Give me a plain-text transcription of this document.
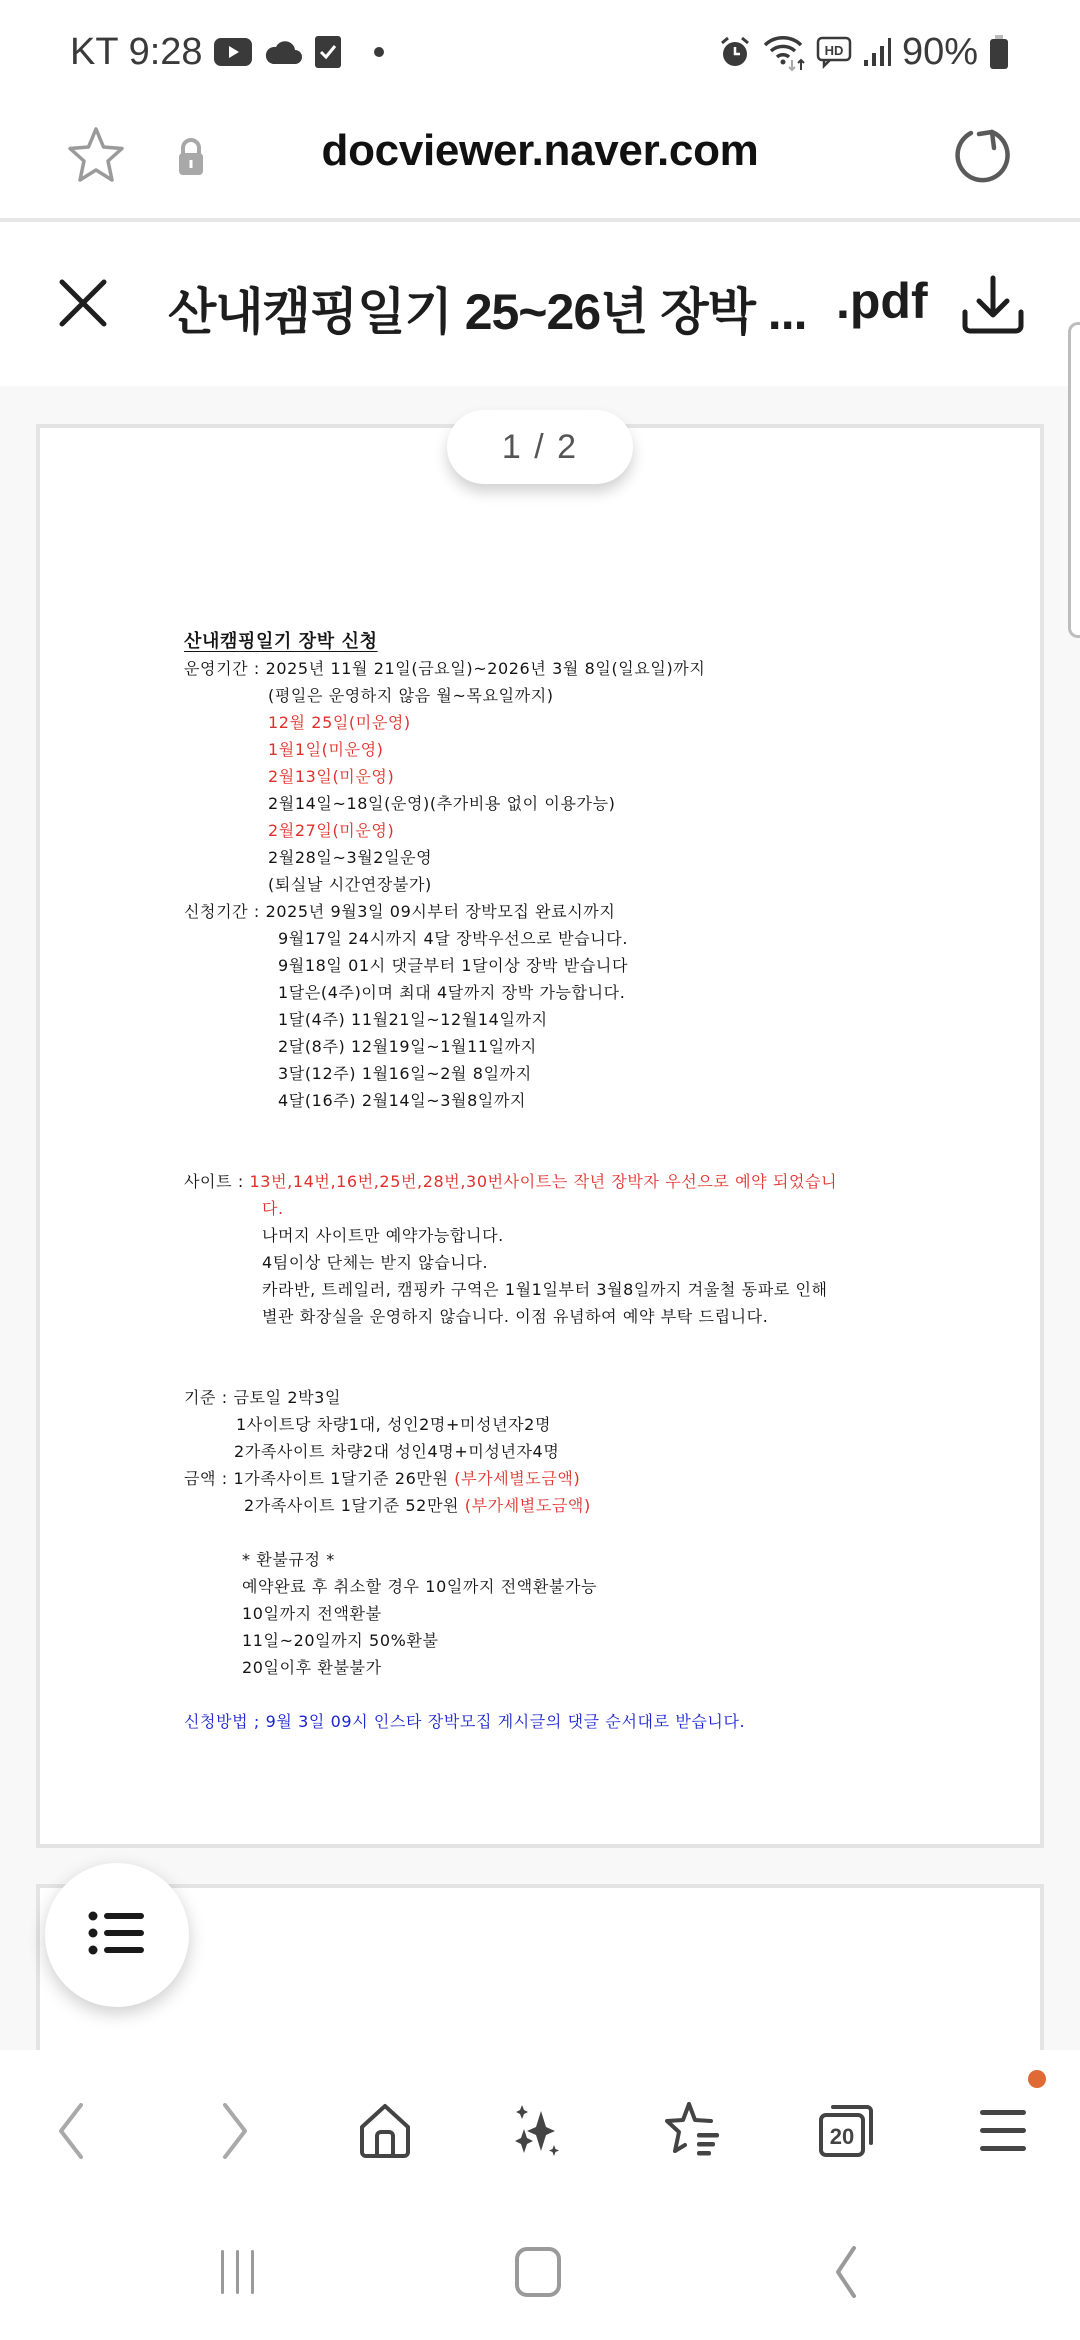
KT 9:28	HD 90%
docviewer.naver.com
산내캠핑일기 25~26년 장박 ... .pdf
산내캠핑일기 장박 신청
운영기간 : 2025년 11월 21일(금요일)~2026년 3월 8일(일요일)까지
(평일은 운영하지 않음 월~목요일까지)
12월 25일(미운영)
1월1일(미운영)
2월13일(미운영)
2월14일~18일(운영)(추가비용 없이 이용가능)
2월27일(미운영)
2월28일~3월2일운영
(퇴실날 시간연장불가)
신청기간 : 2025년 9월3일 09시부터 장박모집 완료시까지
9월17일 24시까지 4달 장박우선으로 받습니다.
9월18일 01시 댓글부터 1달이상 장박 받습니다
1달은(4주)이며 최대 4달까지 장박 가능합니다.
1달(4주) 11월21일~12월14일까지
2달(8주) 12월19일~1월11일까지
3달(12주) 1월16일~2월 8일까지
4달(16주) 2월14일~3월8일까지
사이트 : 13번,14번,16번,25번,28번,30번사이트는 작년 장박자 우선으로 예약 되었습니
다.
나머지 사이트만 예약가능합니다.
4팀이상 단체는 받지 않습니다.
카라반, 트레일러, 캠핑카 구역은 1월1일부터 3월8일까지 겨울철 동파로 인해
별관 화장실을 운영하지 않습니다. 이점 유념하여 예약 부탁 드립니다.
기준 : 금토일 2박3일
1사이트당 차량1대, 성인2명+미성년자2명
2가족사이트 차량2대 성인4명+미성년자4명
금액 : 1가족사이트 1달기준 26만원 (부가세별도금액)
2가족사이트 1달기준 52만원 (부가세별도금액)
* 환불규정 *
예약완료 후 취소할 경우 10일까지 전액환불가능
10일까지 전액환불
11일~20일까지 50%환불
20일이후 환불불가
신청방법 ; 9월 3일 09시 인스타 장박모집 게시글의 댓글 순서대로 받습니다.
1 / 2
20
